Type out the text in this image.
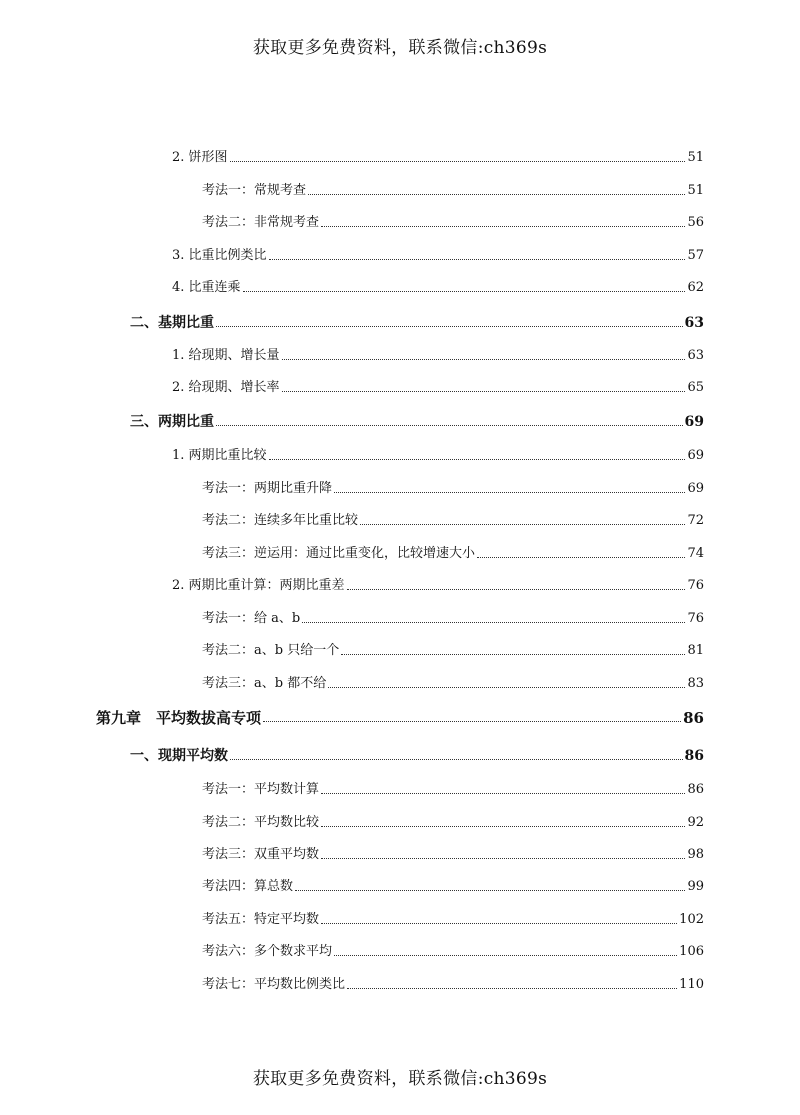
获取更多免费资料，联系微信:ch369s
2. 饼形图	51
考法一：常规考查	51
考法二：非常规考查	56
3. 比重比例类比	57
4. 比重连乘	62
二、基期比重	63
1. 给现期、增长量	63
2. 给现期、增长率	65
三、两期比重	69
1. 两期比重比较	69
考法一：两期比重升降	69
考法二：连续多年比重比较	72
考法三：逆运用：通过比重变化，比较增速大小	74
2. 两期比重计算：两期比重差	76
考法一：给 a、b	76
考法二：a、b 只给一个	81
考法三：a、b 都不给	83
第九章　平均数拔高专项	86
一、现期平均数	86
考法一：平均数计算	86
考法二：平均数比较	92
考法三：双重平均数	98
考法四：算总数	99
考法五：特定平均数	102
考法六：多个数求平均	106
考法七：平均数比例类比	110
获取更多免费资料，联系微信:ch369s
